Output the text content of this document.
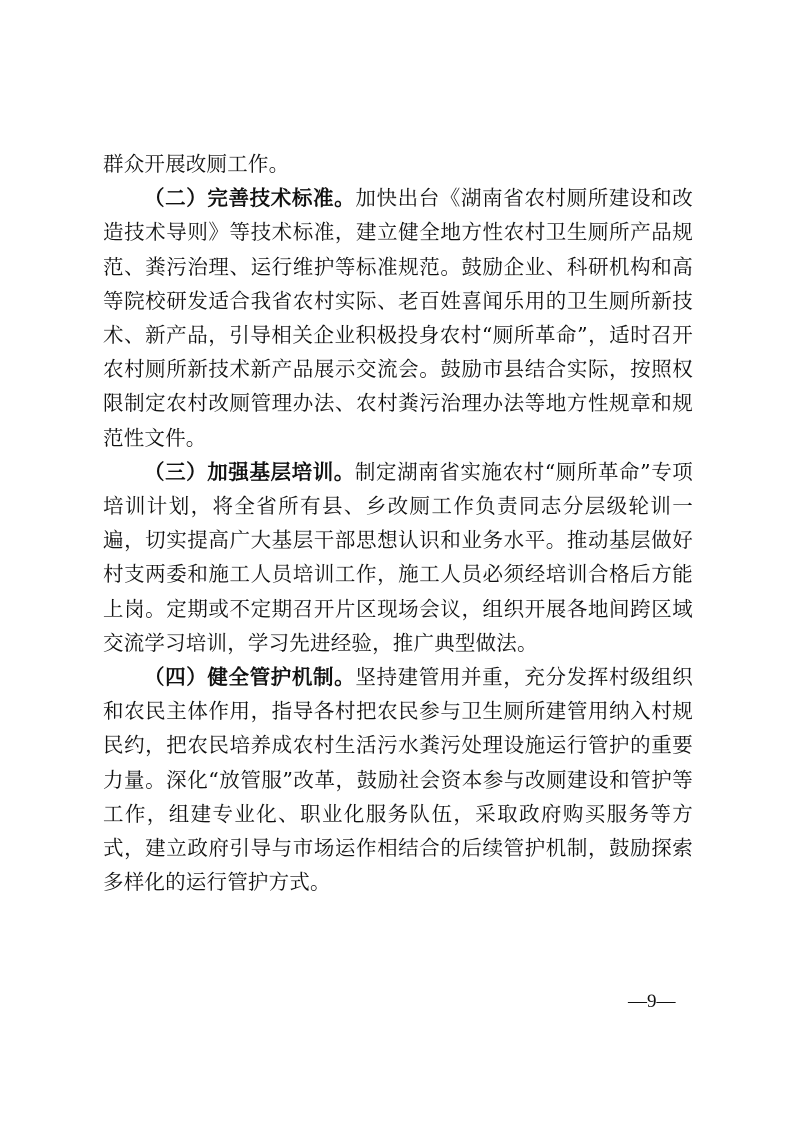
群众开展改厕工作。

（二）完善技术标准。加快出台《湖南省农村厕所建设和改造技术导则》等技术标准，建立健全地方性农村卫生厕所产品规范、粪污治理、运行维护等标准规范。鼓励企业、科研机构和高等院校研发适合我省农村实际、老百姓喜闻乐用的卫生厕所新技术、新产品，引导相关企业积极投身农村“厕所革命”，适时召开农村厕所新技术新产品展示交流会。鼓励市县结合实际，按照权限制定农村改厕管理办法、农村粪污治理办法等地方性规章和规范性文件。

（三）加强基层培训。制定湖南省实施农村“厕所革命”专项培训计划，将全省所有县、乡改厕工作负责同志分层级轮训一遍，切实提高广大基层干部思想认识和业务水平。推动基层做好村支两委和施工人员培训工作，施工人员必须经培训合格后方能上岗。定期或不定期召开片区现场会议，组织开展各地间跨区域交流学习培训，学习先进经验，推广典型做法。

（四）健全管护机制。坚持建管用并重，充分发挥村级组织和农民主体作用，指导各村把农民参与卫生厕所建管用纳入村规民约，把农民培养成农村生活污水粪污处理设施运行管护的重要力量。深化“放管服”改革，鼓励社会资本参与改厕建设和管护等工作，组建专业化、职业化服务队伍，采取政府购买服务等方式，建立政府引导与市场运作相结合的后续管护机制，鼓励探索多样化的运行管护方式。

—9—
